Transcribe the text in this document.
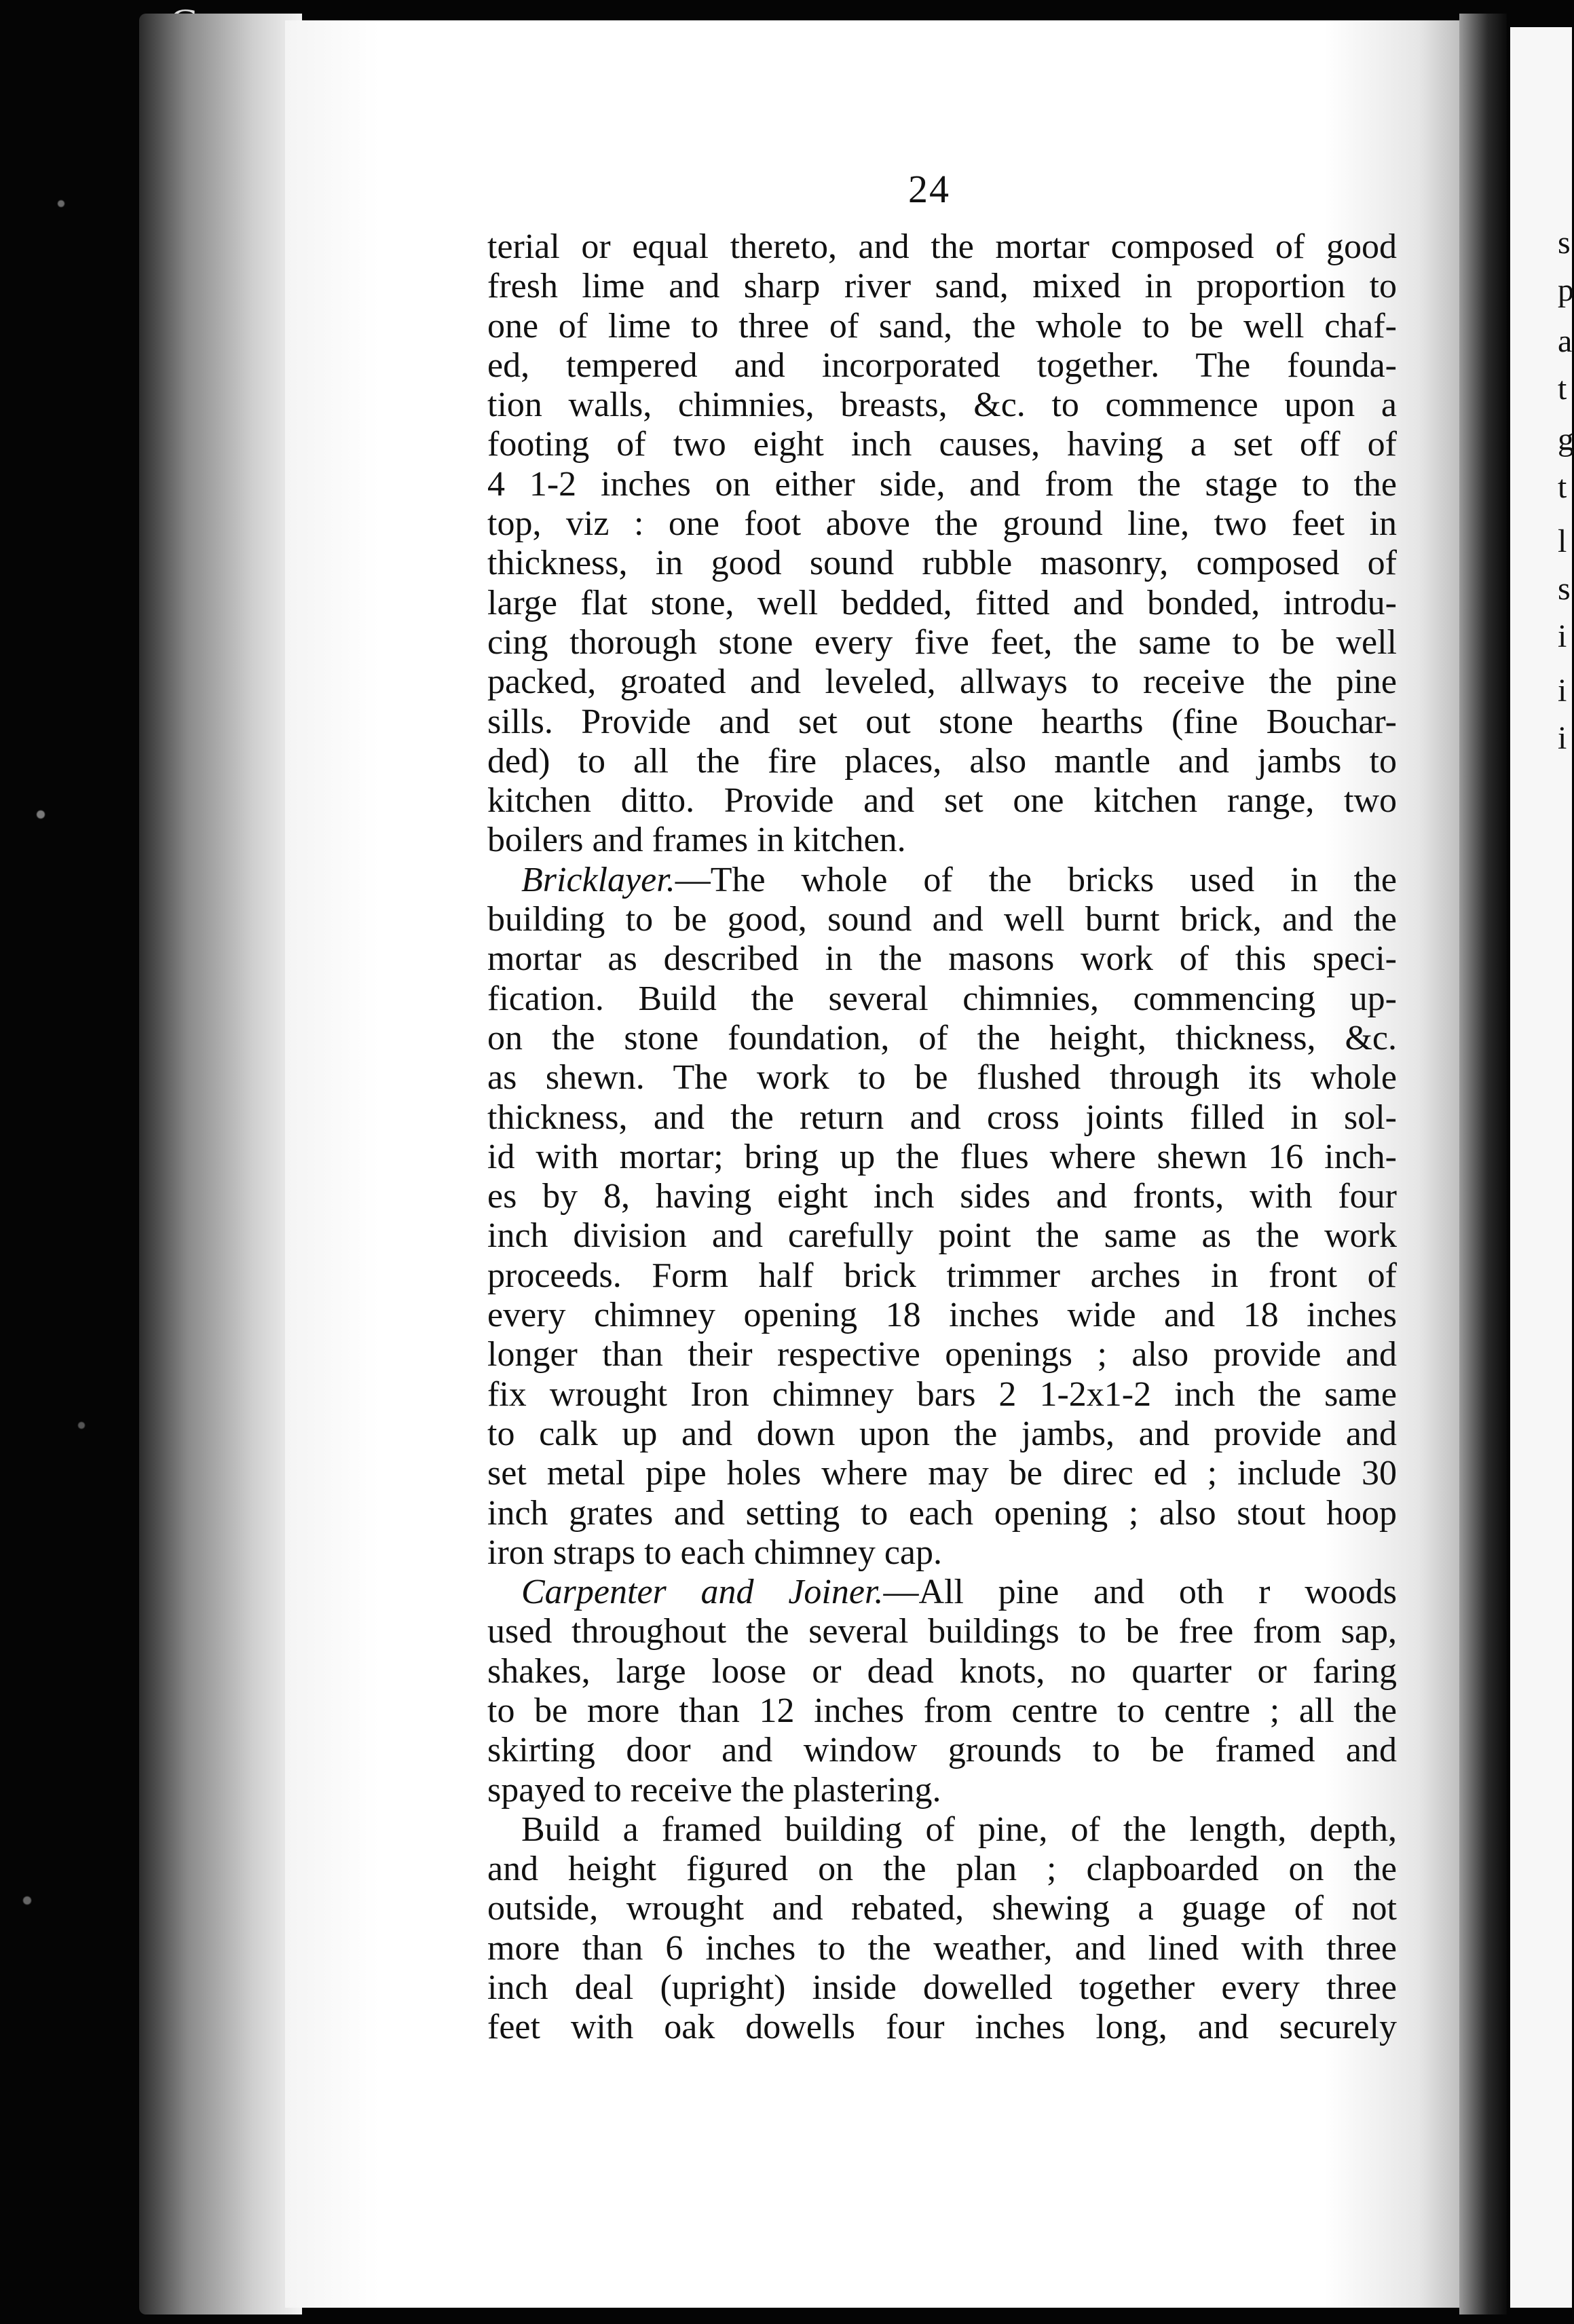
s
p
a
t
g
t
l
s
i
i
i
24
terial or equal thereto, and the mortar composed of good
fresh lime and sharp river sand, mixed in proportion to
one of lime to three of sand, the whole to be well chaf-
ed, tempered and incorporated together. The founda-
tion walls, chimnies, breasts, &c. to commence upon a
footing of two eight inch causes, having a set off of
4 1-2 inches on either side, and from the stage to the
top, viz : one foot above the ground line, two feet in
thickness, in good sound rubble masonry, composed of
large flat stone, well bedded, fitted and bonded, introdu-
cing thorough stone every five feet, the same to be well
packed, groated and leveled, allways to receive the pine
sills. Provide and set out stone hearths (fine Bouchar-
ded) to all the fire places, also mantle and jambs to
kitchen ditto. Provide and set one kitchen range, two
boilers and frames in kitchen.
Bricklayer.—The whole of the bricks used in the
building to be good, sound and well burnt brick, and the
mortar as described in the masons work of this speci-
fication. Build the several chimnies, commencing up-
on the stone foundation, of the height, thickness, &c.
as shewn. The work to be flushed through its whole
thickness, and the return and cross joints filled in sol-
id with mortar; bring up the flues where shewn 16 inch-
es by 8, having eight inch sides and fronts, with four
inch division and carefully point the same as the work
proceeds. Form half brick trimmer arches in front of
every chimney opening 18 inches wide and 18 inches
longer than their respective openings ; also provide and
fix wrought Iron chimney bars 2 1-2x1-2 inch the same
to calk up and down upon the jambs, and provide and
set metal pipe holes where may be direc ed ; include 30
inch grates and setting to each opening ; also stout hoop
iron straps to each chimney cap.
Carpenter and Joiner.—All pine and oth r woods
used throughout the several buildings to be free from sap,
shakes, large loose or dead knots, no quarter or faring
to be more than 12 inches from centre to centre ; all the
skirting door and window grounds to be framed and
spayed to receive the plastering.
Build a framed building of pine, of the length, depth,
and height figured on the plan ; clapboarded on the
outside, wrought and rebated, shewing a guage of not
more than 6 inches to the weather, and lined with three
inch deal (upright) inside dowelled together every three
feet with oak dowells four inches long, and securely
